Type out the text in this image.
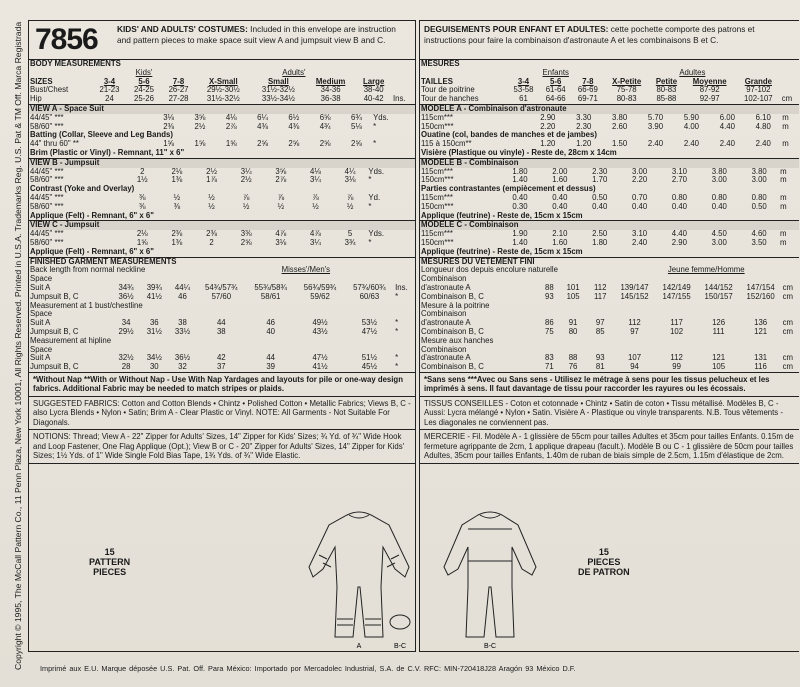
Copyright © 1995, The McCall Pattern Co., 11 Penn Plaza, New York 10001, All Rights Reserved. Printed in U.S.A. Trademarks Reg. U.S. Pat & TM Off. Marca Registrada 7856 KIDS' AND ADULTS' COSTUMES: Included in this envelope are instruction and pattern pieces to make space suit view A and jumpsuit view B and C.
BODY MEASUREMENTS								
	Kids'			Adults'				
SIZES	3-4	5-6	7-8	X-Small	Small	Medium	Large	
Bust/Chest	21-23	24-25	26-27	29½-30½	31½-32½	34-36	38-40	
Hip	24	25-26	27-28	31½-32½	33½-34½	36-38	40-42	Ins.
VIEW A - Space Suit								
44/45" ***	3⅛	3⅝	4⅛	6¼	6½	6⅝	6¾	Yds.
58/60" ***	2⅜	2½	2⅞	4⅜	4⅜	4¾	5⅛	*
Batting (Collar, Sleeve and Leg Bands)								
44" thru 60" **	1⅝	1⅝	1⅝	2⅝	2⅝	2⅝	2⅝	*
Brim (Plastic or Vinyl) - Remnant, 11" x 6"								
VIEW B - Jumpsuit								
44/45" ***	2	2⅛	2½	3¼	3⅝	4⅛	4¼	Yds.
58/60" ***	1½	1⅜	1⅞	2½	2⅞	3¼	3⅛	*
Contrast (Yoke and Overlay)								
44/45" ***	⅜	½	½	⅞	⅞	⅞	⅞	Yd.
58/60" ***	⅜	⅜	½	½	½	½	½	*
Applique (Felt) - Remnant, 6" x 6"								
VIEW C - Jumpsuit								
44/45" ***	2⅛	2⅜	2⅜	3⅜	4⅞	4⅞	5	Yds.
58/60" ***	1⅝	1⅜	2	2⅝	3⅛	3¼	3¾	*
Applique (Felt) - Remnant, 6" x 6"								
FINISHED GARMENT MEASUREMENTS								
Back length from normal neckline				Misses'/Men's				
Space								
Suit A	34¾	39¾	44¼	54¾/57¾	55¾/58¾	56¾/59¾	57¾/60¾	Ins.
Jumpsuit B, C	36½	41½	46	57/60	58/61	59/62	60/63	*
Measurement at 1 bust/chestline								
Space								
Suit A	34	36	38	44	46	49½	53½	*
Jumpsuit B, C	29½	31½	33½	38	40	43½	47½	*
Measurement at hipline								
Space								
Suit A	32½	34½	36½	42	44	47½	51½	*
Jumpsuit B, C	28	30	32	37	39	41½	45½	*
*Without Nap **With or Without Nap - Use With Nap Yardages and layouts for pile or one-way design fabrics. Additional Fabric may be needed to match stripes or plaids.
SUGGESTED FABRICS: Cotton and Cotton Blends • Chintz • Polished Cotton • Metallic Fabrics; Views B, C - also Lycra Blends • Nylon • Satin; Brim A - Clear Plastic or Vinyl. NOTE: All Garments - Not Suitable For Diagonals.
NOTIONS: Thread; View A - 22" Zipper for Adults' Sizes, 14" Zipper for Kids' Sizes; ¾ Yd. of ¾" Wide Hook and Loop Fastener, One Flag Applique (Opt.); View B or C - 20" Zipper for Adults' Sizes, 14" Zipper for Kids' Sizes; 1½ Yds. of 1" Wide Single Fold Bias Tape, 1¾ Yds. of ¾" Wide Elastic.
15
PATTERN
PIECES
A
DEGUISEMENTS POUR ENFANT ET ADULTES: cette pochette comporte des patrons et instructions pour faire la combinaison d'astronaute A et les combinaisons B et C.
MESURES								
	Enfants			Adultes				
TAILLES	3-4	5-6	7-8	X-Petite	Petite	Moyenne	Grande	
Tour de poitrine	53-58	61-64	66-69	75-78	80-83	87-92	97-102	
Tour de hanches	61	64-66	69-71	80-83	85-88	92-97	102-107	cm
MODELE A - Combinaison d'astronaute								
115cm***	2.90	3.30	3.80	5.70	5.90	6.00	6.10	m
150cm***	2.20	2.30	2.60	3.90	4.00	4.40	4.80	m
Ouatine (col, bandes de manches et de jambes)								
115 à 150cm**	1.20	1.20	1.50	2.40	2.40	2.40	2.40	m
Visière (Plastique ou vinyle) - Reste de, 28cm x 14cm								
MODELE B - Combinaison								
115cm***	1.80	2.00	2.30	3.00	3.10	3.80	3.80	m
150cm***	1.40	1.60	1.70	2.20	2.70	3.00	3.00	m
Parties contrastantes (empiècement et dessus)								
115cm***	0.40	0.40	0.50	0.70	0.80	0.80	0.80	m
150cm***	0.30	0.40	0.40	0.40	0.40	0.40	0.50	m
Applique (feutrine) - Reste de, 15cm x 15cm								
MODELE C - Combinaison								
115cm***	1.90	2.10	2.50	3.10	4.40	4.50	4.60	m
150cm***	1.40	1.60	1.80	2.40	2.90	3.00	3.50	m
Applique (feutrine) - Reste de, 15cm x 15cm								
MESURES DU VETEMENT FINI								
Longueur dos depuis encolure naturelle				Jeune femme/Homme				
Combinaison								
d'astronaute A	88	101	112	139/147	142/149	144/152	147/154	cm
Combinaison B, C	93	105	117	145/152	147/155	150/157	152/160	cm
Mesure à la poitrine								
Combinaison								
d'astronaute A	86	91	97	112	117	126	136	cm
Combinaison B, C	75	80	85	97	102	111	121	cm
Mesure aux hanches								
Combinaison								
d'astronaute A	83	88	93	107	112	121	131	cm
Combinaison B, C	71	76	81	94	99	105	116	cm
*Sans sens ***Avec ou Sans sens - Utilisez le métrage à sens pour les tissus pelucheux et les imprimés à sens. Il faut davantage de tissu pour raccorder les rayures ou les écossais.
TISSUS CONSEILLES - Coton et cotonnade • Chintz • Satin de coton • Tissu métallisé. Modèles B, C - Aussi: Lycra mélangé • Nylon • Satin. Visière A - Plastique ou vinyle transparents. N.B. Tous vêtements - Les diagonales ne conviennent pas.
MERCERIE - Fil. Modèle A - 1 glissière de 55cm pour tailles Adultes et 35cm pour tailles Enfants. 0.15m de fermeture agrippante de 2cm, 1 applique drapeau (facult.). Modèle B ou C - 1 glissière de 50cm pour tailles Adultes, 35cm pour tailles Enfants, 1.40m de ruban de biais simple de 2.5cm, 1.15m d'élastique de 2cm.
B-C
B-C
15
PIECES
DE PATRON
Imprimé aux E.U. Marque déposée U.S. Pat. Off. Para México: Importado por Mercadolec Industrial, S.A. de C.V. RFC: MIN-720418J28 Aragón 93 México D.F.
